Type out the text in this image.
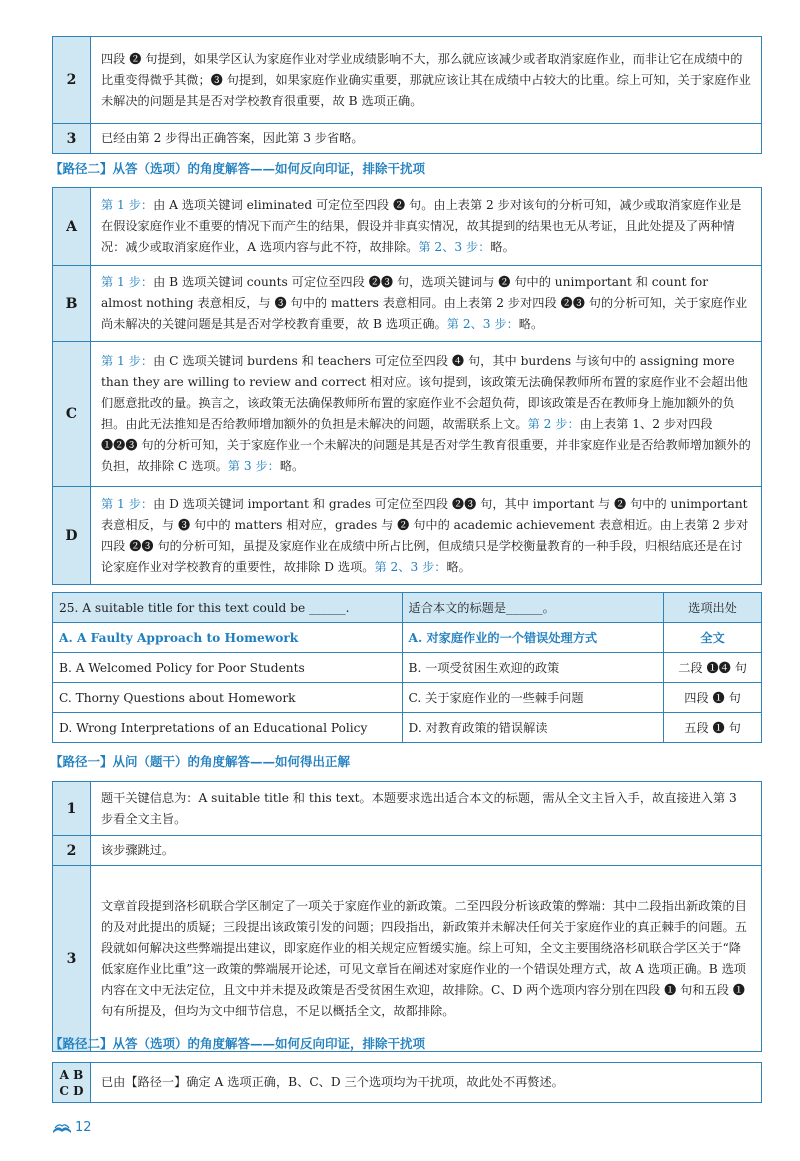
2	四段 ❷ 句提到，如果学区认为家庭作业对学业成绩影响不大，那么就应该减少或者取消家庭作业，而非让它在成绩中的比重变得微乎其微；❸ 句提到，如果家庭作业确实重要，那就应该让其在成绩中占较大的比重。综上可知，关于家庭作业未解决的问题是其是否对学校教育很重要，故 B 选项正确。
3	已经由第 2 步得出正确答案，因此第 3 步省略。
【路径二】从答（选项）的角度解答——如何反向印证，排除干扰项
A	第 1 步：由 A 选项关键词 eliminated 可定位至四段 ❷ 句。由上表第 2 步对该句的分析可知，减少或取消家庭作业是在假设家庭作业不重要的情况下而产生的结果，假设并非真实情况，故其提到的结果也无从考证，且此处提及了两种情况：减少或取消家庭作业，A 选项内容与此不符，故排除。第 2、3 步：略。
B	第 1 步：由 B 选项关键词 counts 可定位至四段 ❷❸ 句，选项关键词与 ❷ 句中的 unimportant 和 count for almost nothing 表意相反，与 ❸ 句中的 matters 表意相同。由上表第 2 步对四段 ❷❸ 句的分析可知，关于家庭作业尚未解决的关键问题是其是否对学校教育重要，故 B 选项正确。第 2、3 步：略。
C	第 1 步：由 C 选项关键词 burdens 和 teachers 可定位至四段 ❹ 句，其中 burdens 与该句中的 assigning more than they are willing to review and correct 相对应。该句提到，该政策无法确保教师所布置的家庭作业不会超出他们愿意批改的量。换言之，该政策无法确保教师所布置的家庭作业不会超负荷，即该政策是否在教师身上施加额外的负担。由此无法推知是否给教师增加额外的负担是未解决的问题，故需联系上文。第 2 步：由上表第 1、2 步对四段 ❶❷❸ 句的分析可知，关于家庭作业一个未解决的问题是其是否对学生教育很重要，并非家庭作业是否给教师增加额外的负担，故排除 C 选项。第 3 步：略。
D	第 1 步：由 D 选项关键词 important 和 grades 可定位至四段 ❷❸ 句，其中 important 与 ❷ 句中的 unimportant 表意相反，与 ❸ 句中的 matters 相对应，grades 与 ❷ 句中的 academic achievement 表意相近。由上表第 2 步对四段 ❷❸ 句的分析可知，虽提及家庭作业在成绩中所占比例，但成绩只是学校衡量教育的一种手段，归根结底还是在讨论家庭作业对学校教育的重要性，故排除 D 选项。第 2、3 步：略。
25. A suitable title for this text could be ______.	适合本文的标题是______。	选项出处
A. A Faulty Approach to Homework	A. 对家庭作业的一个错误处理方式	全文
B. A Welcomed Policy for Poor Students	B. 一项受贫困生欢迎的政策	二段 ❶❹ 句
C. Thorny Questions about Homework	C. 关于家庭作业的一些棘手问题	四段 ❶ 句
D. Wrong Interpretations of an Educational Policy	D. 对教育政策的错误解读	五段 ❶ 句
【路径一】从问（题干）的角度解答——如何得出正解
1	题干关键信息为：A suitable title 和 this text。本题要求选出适合本文的标题，需从全文主旨入手，故直接进入第 3 步看全文主旨。
2	该步骤跳过。
3	文章首段提到洛杉矶联合学区制定了一项关于家庭作业的新政策。二至四段分析该政策的弊端：其中二段指出新政策的目的及对此提出的质疑；三段提出该政策引发的问题；四段指出，新政策并未解决任何关于家庭作业的真正棘手的问题。五段就如何解决这些弊端提出建议，即家庭作业的相关规定应暂缓实施。综上可知，全文主要围绕洛杉矶联合学区关于“降低家庭作业比重”这一政策的弊端展开论述，可见文章旨在阐述对家庭作业的一个错误处理方式，故 A 选项正确。B 选项内容在文中无法定位，且文中并未提及政策是否受贫困生欢迎，故排除。C、D 两个选项内容分别在四段 ❶ 句和五段 ❶ 句有所提及，但均为文中细节信息，不足以概括全文，故都排除。
【路径二】从答（选项）的角度解答——如何反向印证，排除干扰项
A B
C D
	已由【路径一】确定 A 选项正确，B、C、D 三个选项均为干扰项，故此处不再赘述。
12
